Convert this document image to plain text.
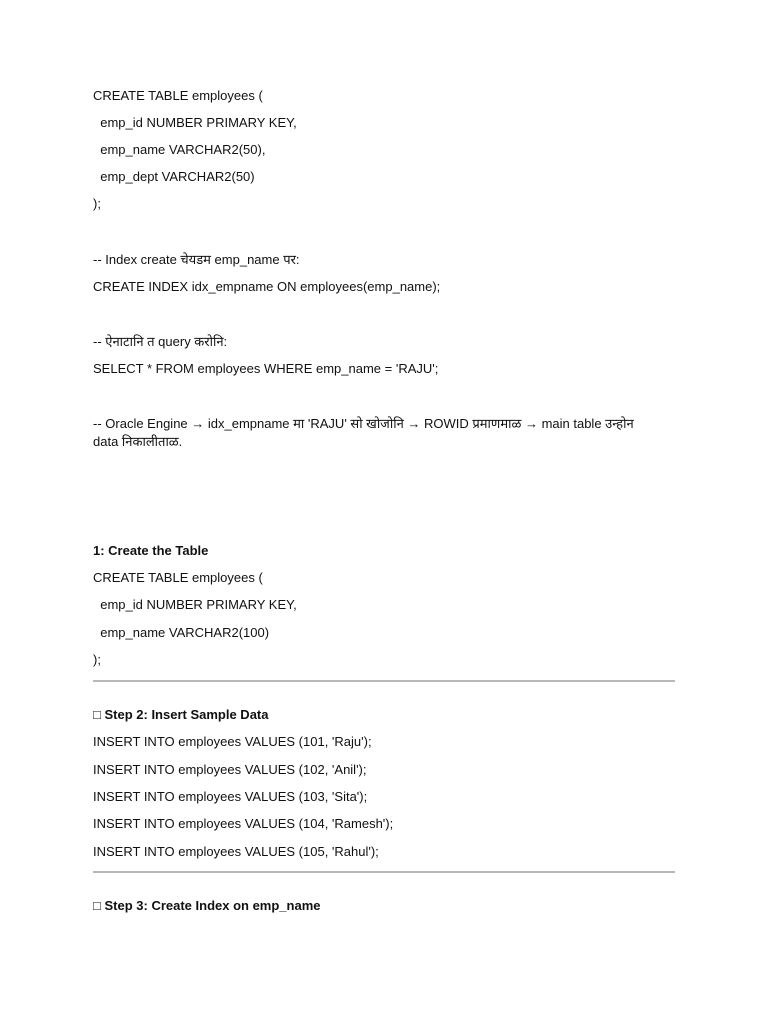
CREATE TABLE employees (
emp_id NUMBER PRIMARY KEY,
emp_name VARCHAR2(50),
emp_dept VARCHAR2(50)
);
-- Index create चेयडम emp_name पर:
CREATE INDEX idx_empname ON employees(emp_name);
-- ऐनाटानि त query करोनि:
SELECT * FROM employees WHERE emp_name = 'RAJU';
-- Oracle Engine → idx_empname मा 'RAJU' सो खोजोनि → ROWID प्रमाणमाळ → main table उन्होन data निकालीताळ.
1: Create the Table
CREATE TABLE employees (
emp_id NUMBER PRIMARY KEY,
emp_name VARCHAR2(100)
);
□ Step 2: Insert Sample Data
INSERT INTO employees VALUES (101, 'Raju');
INSERT INTO employees VALUES (102, 'Anil');
INSERT INTO employees VALUES (103, 'Sita');
INSERT INTO employees VALUES (104, 'Ramesh');
INSERT INTO employees VALUES (105, 'Rahul');
□ Step 3: Create Index on emp_name
